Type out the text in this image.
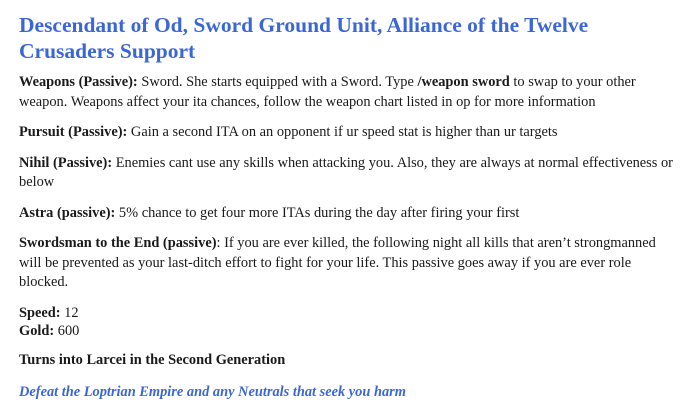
Descendant of Od, Sword Ground Unit, Alliance of the Twelve Crusaders Support

Weapons (Passive): Sword. She starts equipped with a Sword. Type /weapon sword to swap to your other weapon. Weapons affect your ita chances, follow the weapon chart listed in op for more information

Pursuit (Passive): Gain a second ITA on an opponent if ur speed stat is higher than ur targets

Nihil (Passive): Enemies cant use any skills when attacking you. Also, they are always at normal effectiveness or below

Astra (passive): 5% chance to get four more ITAs during the day after firing your first

Swordsman to the End (passive): If you are ever killed, the following night all kills that aren’t strongmanned will be prevented as your last-ditch effort to fight for your life. This passive goes away if you are ever role blocked.

Speed: 12

Gold: 600

Turns into Larcei in the Second Generation

Defeat the Loptrian Empire and any Neutrals that seek you harm
